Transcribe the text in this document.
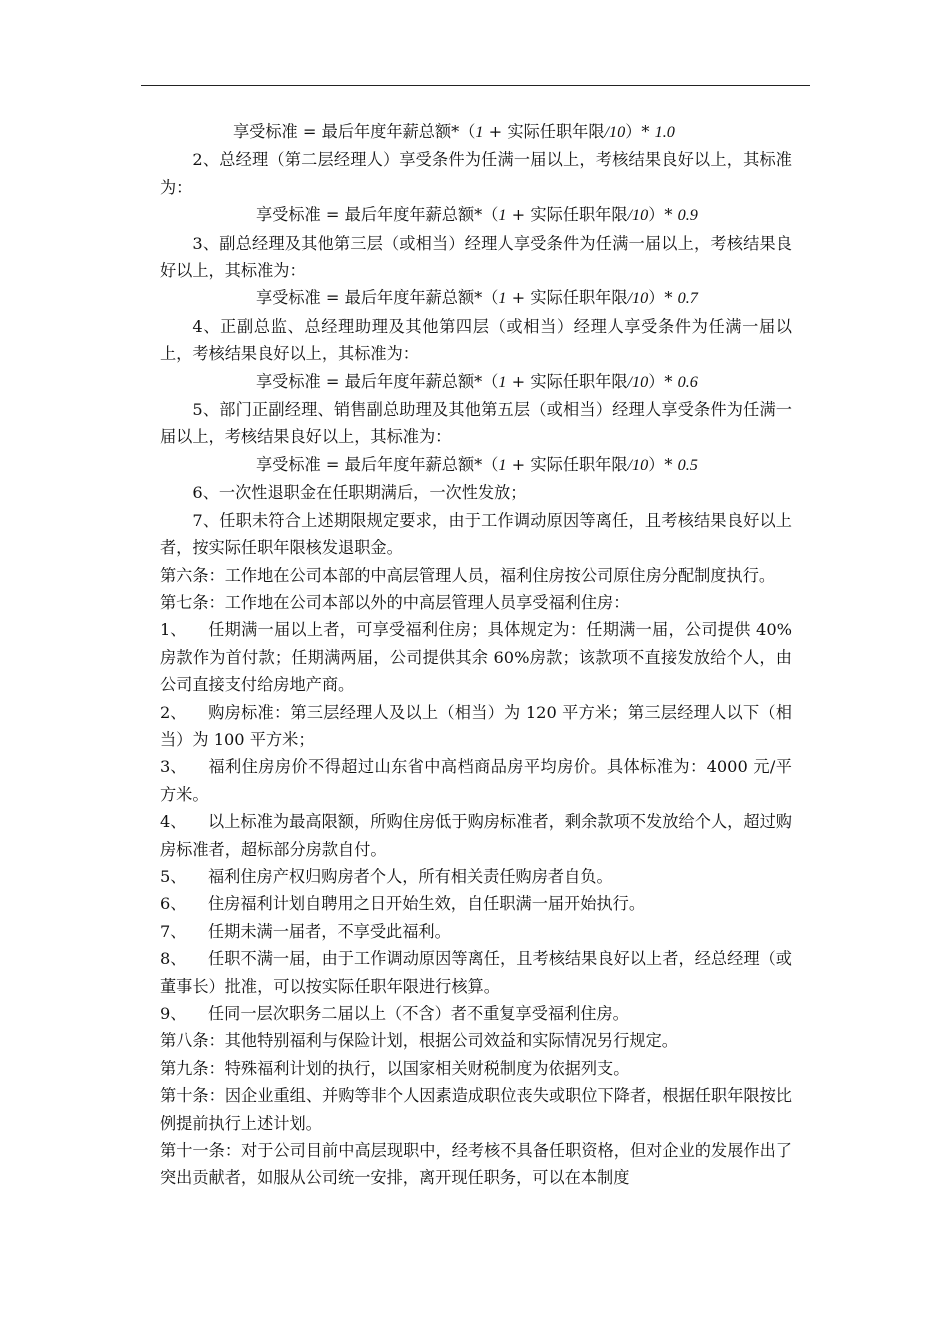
享受标准 = 最后年度年薪总额*（1 + 实际任职年限/10）* 1.0

2、总经理（第二层经理人）享受条件为任满一届以上，考核结果良好以上，其标准为：

享受标准 = 最后年度年薪总额*（1 + 实际任职年限/10）* 0.9

3、副总经理及其他第三层（或相当）经理人享受条件为任满一届以上，考核结果良好以上，其标准为：

享受标准 = 最后年度年薪总额*（1 + 实际任职年限/10）* 0.7

4、正副总监、总经理助理及其他第四层（或相当）经理人享受条件为任满一届以上，考核结果良好以上，其标准为：

享受标准 = 最后年度年薪总额*（1 + 实际任职年限/10）* 0.6

5、部门正副经理、销售副总助理及其他第五层（或相当）经理人享受条件为任满一届以上，考核结果良好以上，其标准为：

享受标准 = 最后年度年薪总额*（1 + 实际任职年限/10）* 0.5

6、一次性退职金在任职期满后，一次性发放；

7、任职未符合上述期限规定要求，由于工作调动原因等离任，且考核结果良好以上者，按实际任职年限核发退职金。

第六条：工作地在公司本部的中高层管理人员，福利住房按公司原住房分配制度执行。

第七条：工作地在公司本部以外的中高层管理人员享受福利住房：

1、 任期满一届以上者，可享受福利住房；具体规定为：任期满一届，公司提供 40%房款作为首付款；任期满两届，公司提供其余 60%房款；该款项不直接发放给个人，由公司直接支付给房地产商。

2、 购房标准：第三层经理人及以上（相当）为 120 平方米；第三层经理人以下（相当）为 100 平方米；

3、 福利住房房价不得超过山东省中高档商品房平均房价。具体标准为：4000 元/平方米。

4、 以上标准为最高限额，所购住房低于购房标准者，剩余款项不发放给个人，超过购房标准者，超标部分房款自付。

5、 福利住房产权归购房者个人，所有相关责任购房者自负。

6、 住房福利计划自聘用之日开始生效，自任职满一届开始执行。

7、 任期未满一届者，不享受此福利。

8、 任职不满一届，由于工作调动原因等离任，且考核结果良好以上者，经总经理（或董事长）批准，可以按实际任职年限进行核算。

9、 任同一层次职务二届以上（不含）者不重复享受福利住房。

第八条：其他特别福利与保险计划，根据公司效益和实际情况另行规定。

第九条：特殊福利计划的执行，以国家相关财税制度为依据列支。

第十条：因企业重组、并购等非个人因素造成职位丧失或职位下降者，根据任职年限按比例提前执行上述计划。

第十一条：对于公司目前中高层现职中，经考核不具备任职资格，但对企业的发展作出了突出贡献者，如服从公司统一安排，离开现任职务，可以在本制度
